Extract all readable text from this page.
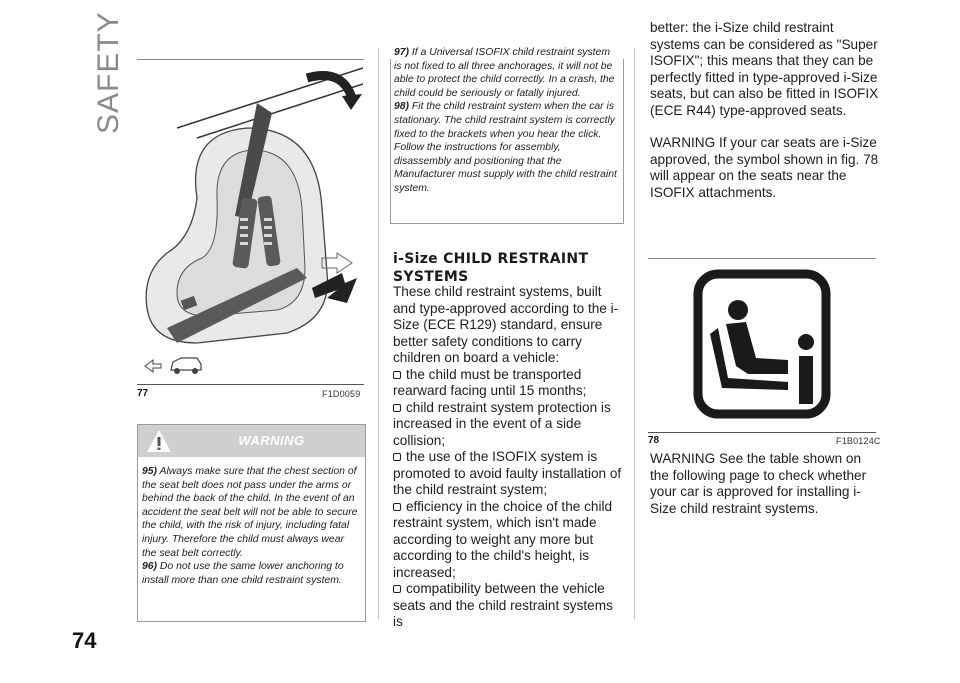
SAFETY
74
77	F1D0059
WARNING
95) Always make sure that the chest section of the seat belt does not pass under the arms or behind the back of the child. In the event of an accident the seat belt will not be able to secure the child, with the risk of injury, including fatal injury. Therefore the child must always wear the seat belt correctly.
96) Do not use the same lower anchoring to install more than one child restraint system.
97) If a Universal ISOFIX child restraint system is not fixed to all three anchorages, it will not be able to protect the child correctly. In a crash, the child could be seriously or fatally injured.
98) Fit the child restraint system when the car is stationary. The child restraint system is correctly fixed to the brackets when you hear the click. Follow the instructions for assembly, disassembly and positioning that the Manufacturer must supply with the child restraint system.
i-Size CHILD RESTRAINT
SYSTEMS

These child restraint systems, built and type-approved according to the i-Size (ECE R129) standard, ensure better safety conditions to carry children on board a vehicle:

the child must be transported rearward facing until 15 months;

child restraint system protection is increased in the event of a side collision;

the use of the ISOFIX system is promoted to avoid faulty installation of the child restraint system;

efficiency in the choice of the child restraint system, which isn't made according to weight any more but according to the child's height, is increased;

compatibility between the vehicle seats and the child restraint systems is

better: the i-Size child restraint systems can be considered as "Super ISOFIX"; this means that they can be perfectly fitted in type-approved i-Size seats, but can also be fitted in ISOFIX (ECE R44) type-approved seats.

WARNING If your car seats are i-Size approved, the symbol shown in fig. 78 will appear on the seats near the ISOFIX attachments.

78	F1B0124C
WARNING See the table shown on the following page to check whether your car is approved for installing i-Size child restraint systems.
